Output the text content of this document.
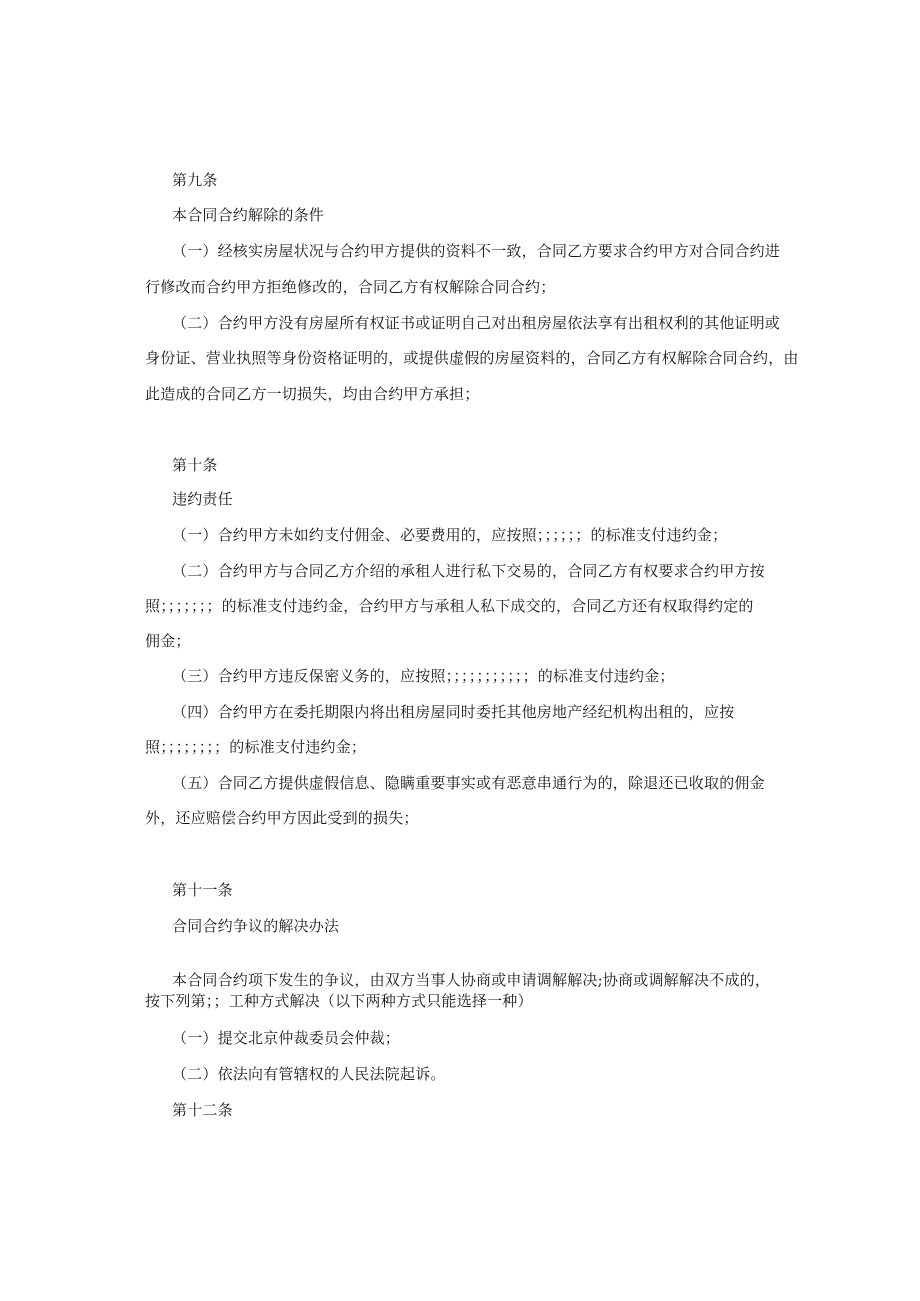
第九条
本合同合约解除的条件
（一）经核实房屋状况与合约甲方提供的资料不一致，合同乙方要求合约甲方对合同合约进
行修改而合约甲方拒绝修改的，合同乙方有权解除合同合约；
（二）合约甲方没有房屋所有权证书或证明自己对出租房屋依法享有出租权利的其他证明或
身份证、营业执照等身份资格证明的，或提供虚假的房屋资料的，合同乙方有权解除合同合约，由
此造成的合同乙方一切损失，均由合约甲方承担；
第十条
违约责任
（一）合约甲方未如约支付佣金、必要费用的，应按照；；；；；；的标准支付违约金；
（二）合约甲方与合同乙方介绍的承租人进行私下交易的，合同乙方有权要求合约甲方按
照；；；；；；；的标准支付违约金，合约甲方与承租人私下成交的，合同乙方还有权取得约定的
佣金；
（三）合约甲方违反保密义务的，应按照；；；；；；；；；；；的标准支付违约金；
（四）合约甲方在委托期限内将出租房屋同时委托其他房地产经纪机构出租的，应按
照；；；；；；；；的标准支付违约金；
（五）合同乙方提供虚假信息、隐瞒重要事实或有恶意串通行为的，除退还已收取的佣金
外，还应赔偿合约甲方因此受到的损失；
第十一条
合同合约争议的解决办法
本合同合约项下发生的争议，由双方当事人协商或申请调解解决;协商或调解解决不成的，
按下列第；；工种方式解决（以下两种方式只能选择一种）
（一）提交北京仲裁委员会仲裁；
（二）依法向有管辖权的人民法院起诉。
第十二条
